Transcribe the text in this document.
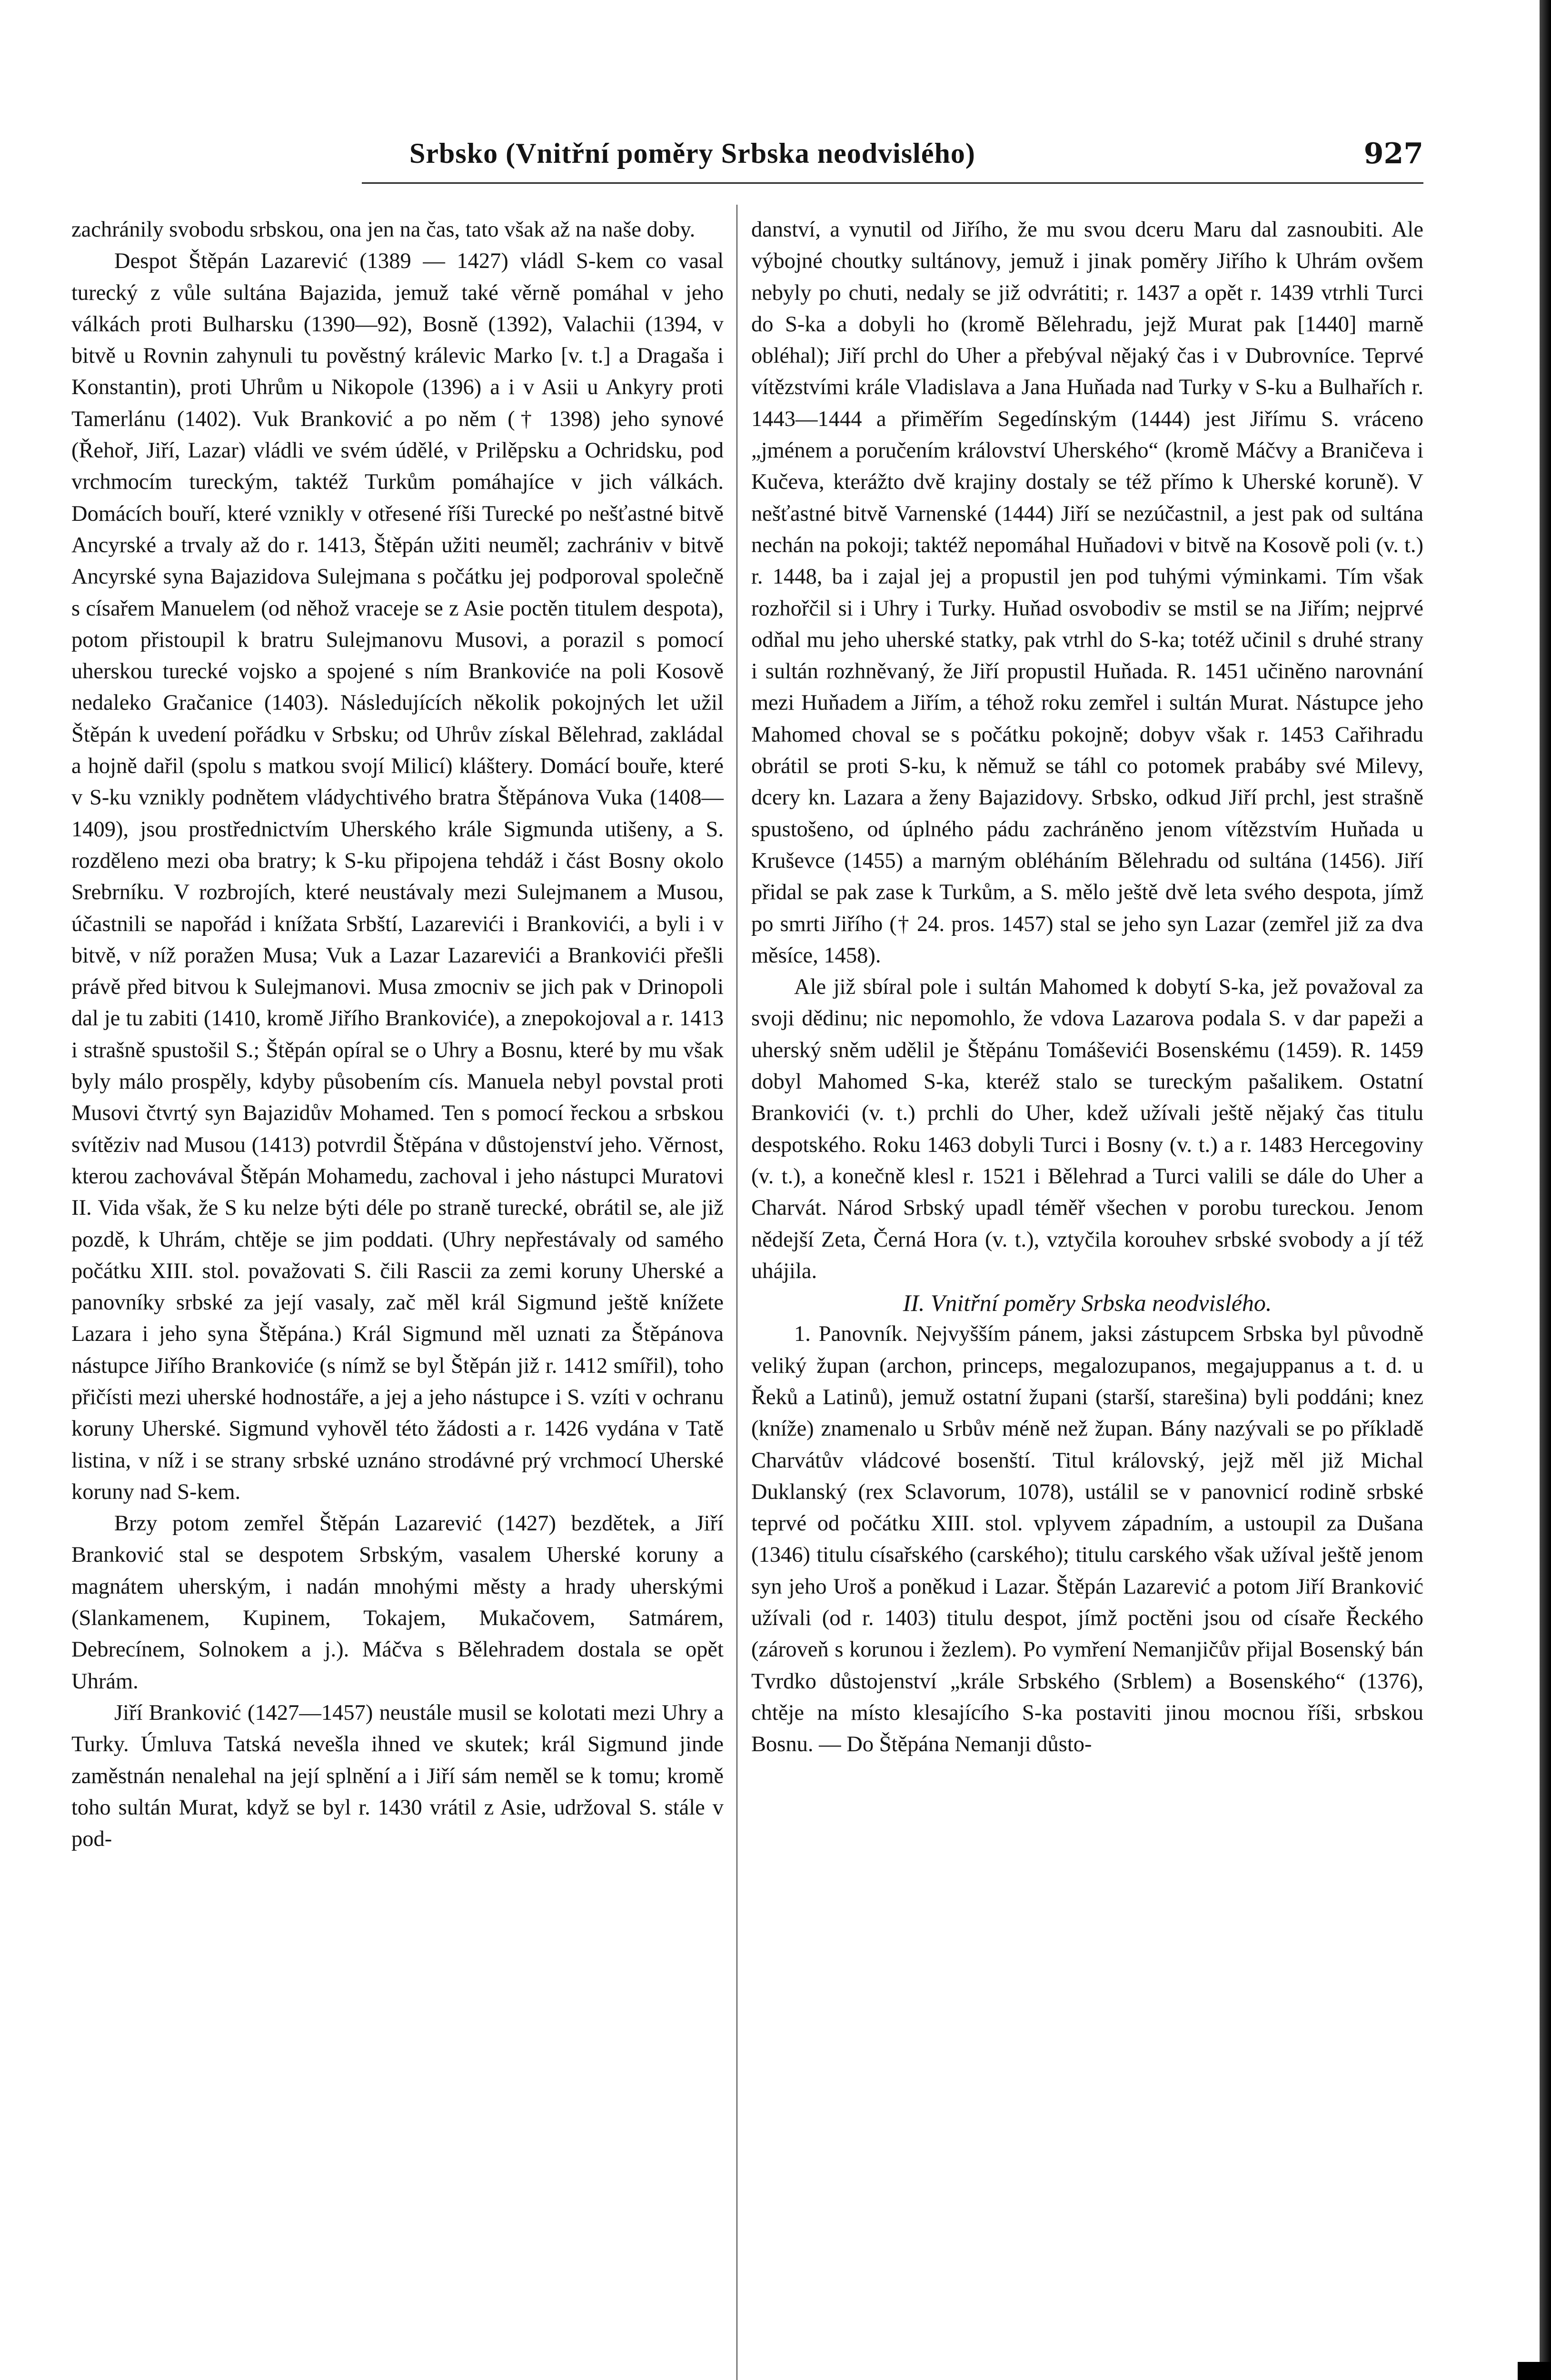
Srbsko (Vnitřní poměry Srbska neodvislého)	927

zachránily svobodu srbskou, ona jen na čas, tato však až na naše doby.

Despot Štěpán Lazarević (1389 — 1427) vládl S-kem co vasal turecký z vůle sultána Bajazida, jemuž také věrně pomáhal v jeho válkách proti Bulharsku (1390—92), Bosně (1392), Valachii (1394, v bitvě u Rovnin zahynuli tu pověstný králevic Marko [v. t.] a Dragaša i Konstantin), proti Uhrům u Nikopole (1396) a i v Asii u Ankyry proti Tamerlánu (1402). Vuk Branković a po něm († 1398) jeho synové (Řehoř, Jiří, Lazar) vládli ve svém údělé, v Prilěpsku a Ochridsku, pod vrchmocím tureckým, taktéž Turkům pomáhajíce v jich válkách. Domácích bouří, které vznikly v otřesené říši Turecké po nešťastné bitvě Ancyrské a trvaly až do r. 1413, Štěpán užiti neuměl; zachrániv v bitvě Ancyrské syna Bajazidova Sulejmana s počátku jej podporoval společně s císařem Manuelem (od něhož vraceje se z Asie poctěn titulem despota), potom přistoupil k bratru Sulejmanovu Musovi, a porazil s pomocí uherskou turecké vojsko a spojené s ním Brankoviće na poli Kosově nedaleko Gračanice (1403). Následujících několik pokojných let užil Štěpán k uvedení pořádku v Srbsku; od Uhrův získal Bělehrad, zakládal a hojně dařil (spolu s matkou svojí Milicí) kláštery. Domácí bouře, které v S-ku vznikly podnětem vládychtivého bratra Štěpánova Vuka (1408—1409), jsou prostřednictvím Uherského krále Sigmunda utišeny, a S. rozděleno mezi oba bratry; k S-ku připojena tehdáž i část Bosny okolo Srebrníku. V rozbrojích, které neustávaly mezi Sulejmanem a Musou, účastnili se napořád i knížata Srbští, Lazarevići i Brankovići, a byli i v bitvě, v níž poražen Musa; Vuk a Lazar Lazarevići a Brankovići přešli právě před bitvou k Sulejmanovi. Musa zmocniv se jich pak v Drinopoli dal je tu zabiti (1410, kromě Jiřího Brankoviće), a znepokojoval a r. 1413 i strašně spustošil S.; Štěpán opíral se o Uhry a Bosnu, které by mu však byly málo prospěly, kdyby působením cís. Manuela nebyl povstal proti Musovi čtvrtý syn Bajazidův Mohamed. Ten s pomocí řeckou a srbskou svítěziv nad Musou (1413) potvrdil Štěpána v důstojenství jeho. Věrnost, kterou zachovával Štěpán Mohamedu, zachoval i jeho nástupci Muratovi II. Vida však, že S ku nelze býti déle po straně turecké, obrátil se, ale již pozdě, k Uhrám, chtěje se jim poddati. (Uhry nepřestávaly od samého počátku XIII. stol. považovati S. čili Rascii za zemi koruny Uherské a panovníky srbské za její vasaly, zač měl král Sigmund ještě knížete Lazara i jeho syna Štěpána.) Král Sigmund měl uznati za Štěpánova nástupce Jiřího Brankoviće (s nímž se byl Štěpán již r. 1412 smířil), toho přičísti mezi uherské hodnostáře, a jej a jeho nástupce i S. vzíti v ochranu koruny Uherské. Sigmund vyhověl této žádosti a r. 1426 vydána v Tatě listina, v níž i se strany srbské uznáno strodávné prý vrchmocí Uherské koruny nad S-kem.

Brzy potom zemřel Štěpán Lazarević (1427) bezdětek, a Jiří Branković stal se despotem Srbským, vasalem Uherské koruny a magnátem uherským, i nadán mnohými městy a hrady uherskými (Slankamenem, Kupinem, Tokajem, Mukačovem, Satmárem, Debrecínem, Solnokem a j.). Máčva s Bělehradem dostala se opět Uhrám.

Jiří Branković (1427—1457) neustále musil se kolotati mezi Uhry a Turky. Úmluva Tatská nevešla ihned ve skutek; král Sigmund jinde zaměstnán nenalehal na její splnění a i Jiří sám neměl se k tomu; kromě toho sultán Murat, když se byl r. 1430 vrátil z Asie, udržoval S. stále v pod-

danství, a vynutil od Jiřího, že mu svou dceru Maru dal zasnoubiti. Ale výbojné choutky sultánovy, jemuž i jinak poměry Jiřího k Uhrám ovšem nebyly po chuti, nedaly se již odvrátiti; r. 1437 a opět r. 1439 vtrhli Turci do S-ka a dobyli ho (kromě Bělehradu, jejž Murat pak [1440] marně obléhal); Jiří prchl do Uher a přebýval nějaký čas i v Dubrovníce. Teprvé vítězstvími krále Vladislava a Jana Huňada nad Turky v S-ku a Bulhařích r. 1443—1444 a přiměřím Segedínským (1444) jest Jiřímu S. vráceno „jménem a poručením království Uherského“ (kromě Máčvy a Braničeva i Kučeva, kterážto dvě krajiny dostaly se též přímo k Uherské koruně). V nešťastné bitvě Varnenské (1444) Jiří se nezúčastnil, a jest pak od sultána nechán na pokoji; taktéž nepomáhal Huňadovi v bitvě na Kosově poli (v. t.) r. 1448, ba i zajal jej a propustil jen pod tuhými výminkami. Tím však rozhořčil si i Uhry i Turky. Huňad osvobodiv se mstil se na Jiřím; nejprvé odňal mu jeho uherské statky, pak vtrhl do S-ka; totéž učinil s druhé strany i sultán rozhněvaný, že Jiří propustil Huňada. R. 1451 učiněno narovnání mezi Huňadem a Jiřím, a téhož roku zemřel i sultán Murat. Nástupce jeho Mahomed choval se s počátku pokojně; dobyv však r. 1453 Cařihradu obrátil se proti S-ku, k němuž se táhl co potomek prabáby své Milevy, dcery kn. Lazara a ženy Bajazidovy. Srbsko, odkud Jiří prchl, jest strašně spustošeno, od úplného pádu zachráněno jenom vítězstvím Huňada u Kruševce (1455) a marným obléháním Bělehradu od sultána (1456). Jiří přidal se pak zase k Turkům, a S. mělo ještě dvě leta svého despota, jímž po smrti Jiřího († 24. pros. 1457) stal se jeho syn Lazar (zemřel již za dva měsíce, 1458).

Ale již sbíral pole i sultán Mahomed k dobytí S-ka, jež považoval za svoji dědinu; nic nepomohlo, že vdova Lazarova podala S. v dar papeži a uherský sněm udělil je Štěpánu Tomáševići Bosenskému (1459). R. 1459 dobyl Mahomed S-ka, kteréž stalo se tureckým pašalikem. Ostatní Brankovići (v. t.) prchli do Uher, kdež užívali ještě nějaký čas titulu despotského. Roku 1463 dobyli Turci i Bosny (v. t.) a r. 1483 Hercegoviny (v. t.), a konečně klesl r. 1521 i Bělehrad a Turci valili se dále do Uher a Charvát. Národ Srbský upadl téměř všechen v porobu tureckou. Jenom nědejší Zeta, Černá Hora (v. t.), vztyčila korouhev srbské svobody a jí též uhájila.

II. Vnitřní poměry Srbska neodvislého.

1. Panovník. Nejvyšším pánem, jaksi zástupcem Srbska byl původně veliký župan (archon, princeps, megalozupanos, megajuppanus a t. d. u Řeků a Latinů), jemuž ostatní župani (starší, starešina) byli poddáni; knez (kníže) znamenalo u Srbův méně než župan. Bány nazývali se po příkladě Charvátův vládcové bosenští. Titul královský, jejž měl již Michal Duklanský (rex Sclavorum, 1078), ustálil se v panovnicí rodině srbské teprvé od počátku XIII. stol. vplyvem západním, a ustoupil za Dušana (1346) titulu císařského (carského); titulu carského však užíval ještě jenom syn jeho Uroš a poněkud i Lazar. Štěpán Lazarević a potom Jiří Branković užívali (od r. 1403) titulu despot, jímž poctěni jsou od císaře Řeckého (zároveň s korunou i žezlem). Po vymření Nemanjičův přijal Bosenský bán Tvrdko důstojenství „krále Srbského (Srblem) a Bosenského“ (1376), chtěje na místo klesajícího S-ka postaviti jinou mocnou říši, srbskou Bosnu. — Do Štěpána Nemanji důsto-
